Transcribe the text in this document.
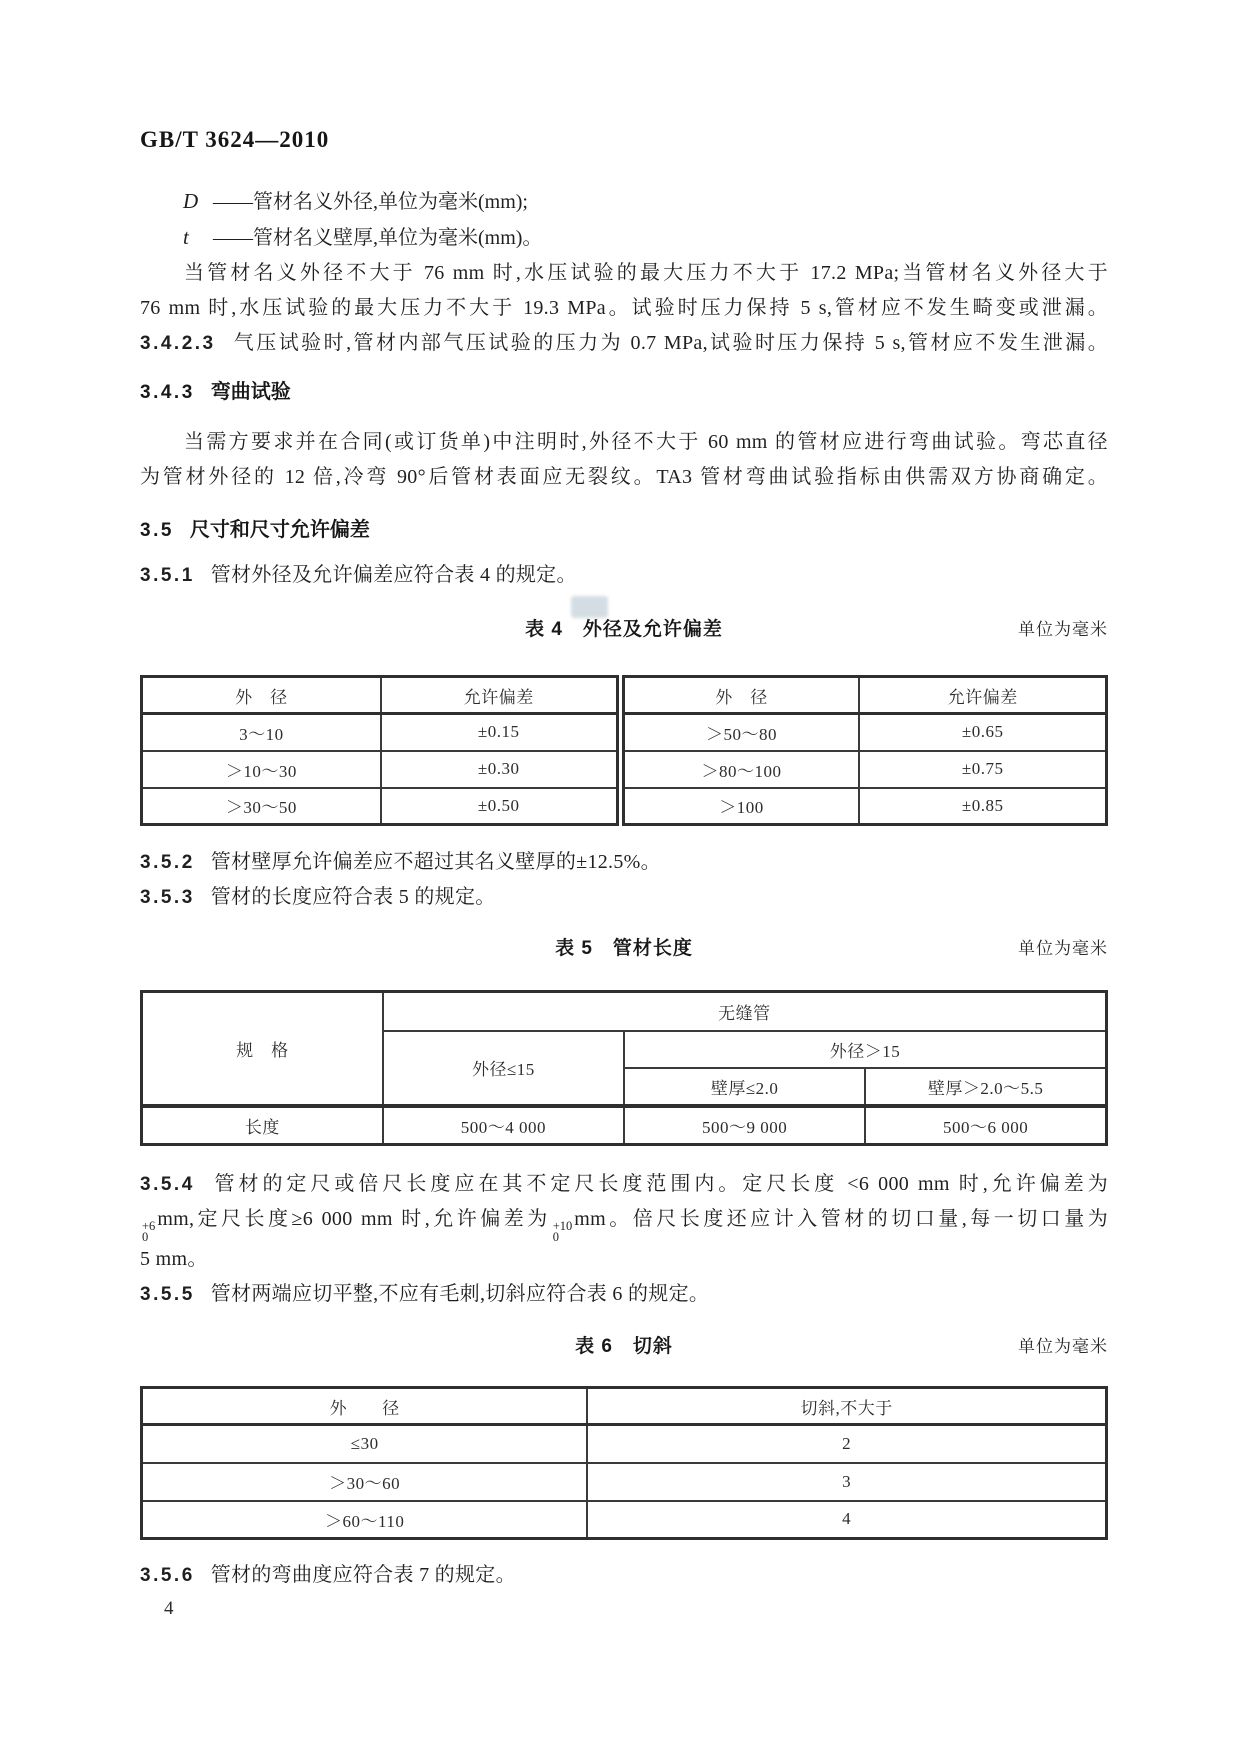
GB/T 3624—2010
D ——管材名义外径,单位为毫米(mm);
t ——管材名义壁厚,单位为毫米(mm)。
当管材名义外径不大于 76 mm 时,水压试验的最大压力不大于 17.2 MPa;当管材名义外径大于
76 mm 时,水压试验的最大压力不大于 19.3 MPa。试验时压力保持 5 s,管材应不发生畸变或泄漏。
3.4.2.3 气压试验时,管材内部气压试验的压力为 0.7 MPa,试验时压力保持 5 s,管材应不发生泄漏。
3.4.3 弯曲试验
当需方要求并在合同(或订货单)中注明时,外径不大于 60 mm 的管材应进行弯曲试验。弯芯直径
为管材外径的 12 倍,冷弯 90°后管材表面应无裂纹。TA3 管材弯曲试验指标由供需双方协商确定。
3.5 尺寸和尺寸允许偏差
3.5.1 管材外径及允许偏差应符合表 4 的规定。
表 4　外径及允许偏差	单位为毫米
外　径	允许偏差	外　径	允许偏差
3～10	±0.15	＞50～80	±0.65
＞10～30	±0.30	＞80～100	±0.75
＞30～50	±0.50	＞100	±0.85
3.5.2 管材壁厚允许偏差应不超过其名义壁厚的±12.5%。
3.5.3 管材的长度应符合表 5 的规定。
表 5　管材长度	单位为毫米
规　格	无缝管		
	外径≤15	外径＞15	
		壁厚≤2.0	壁厚＞2.0～5.5
长度	500～4 000	500～9 000	500～6 000
3.5.4 管材的定尺或倍尺长度应在其不定尺长度范围内。定尺长度 <6 000 mm 时,允许偏差为
+6
0
mm,定尺长度≥6 000 mm 时,允许偏差为 +10
0
mm。倍尺长度还应计入管材的切口量,每一切口量为
5 mm。
3.5.5 管材两端应切平整,不应有毛刺,切斜应符合表 6 的规定。
表 6　切斜	单位为毫米
外　　径	切斜,不大于
≤30	2
＞30～60	3
＞60～110	4
3.5.6 管材的弯曲度应符合表 7 的规定。
4
